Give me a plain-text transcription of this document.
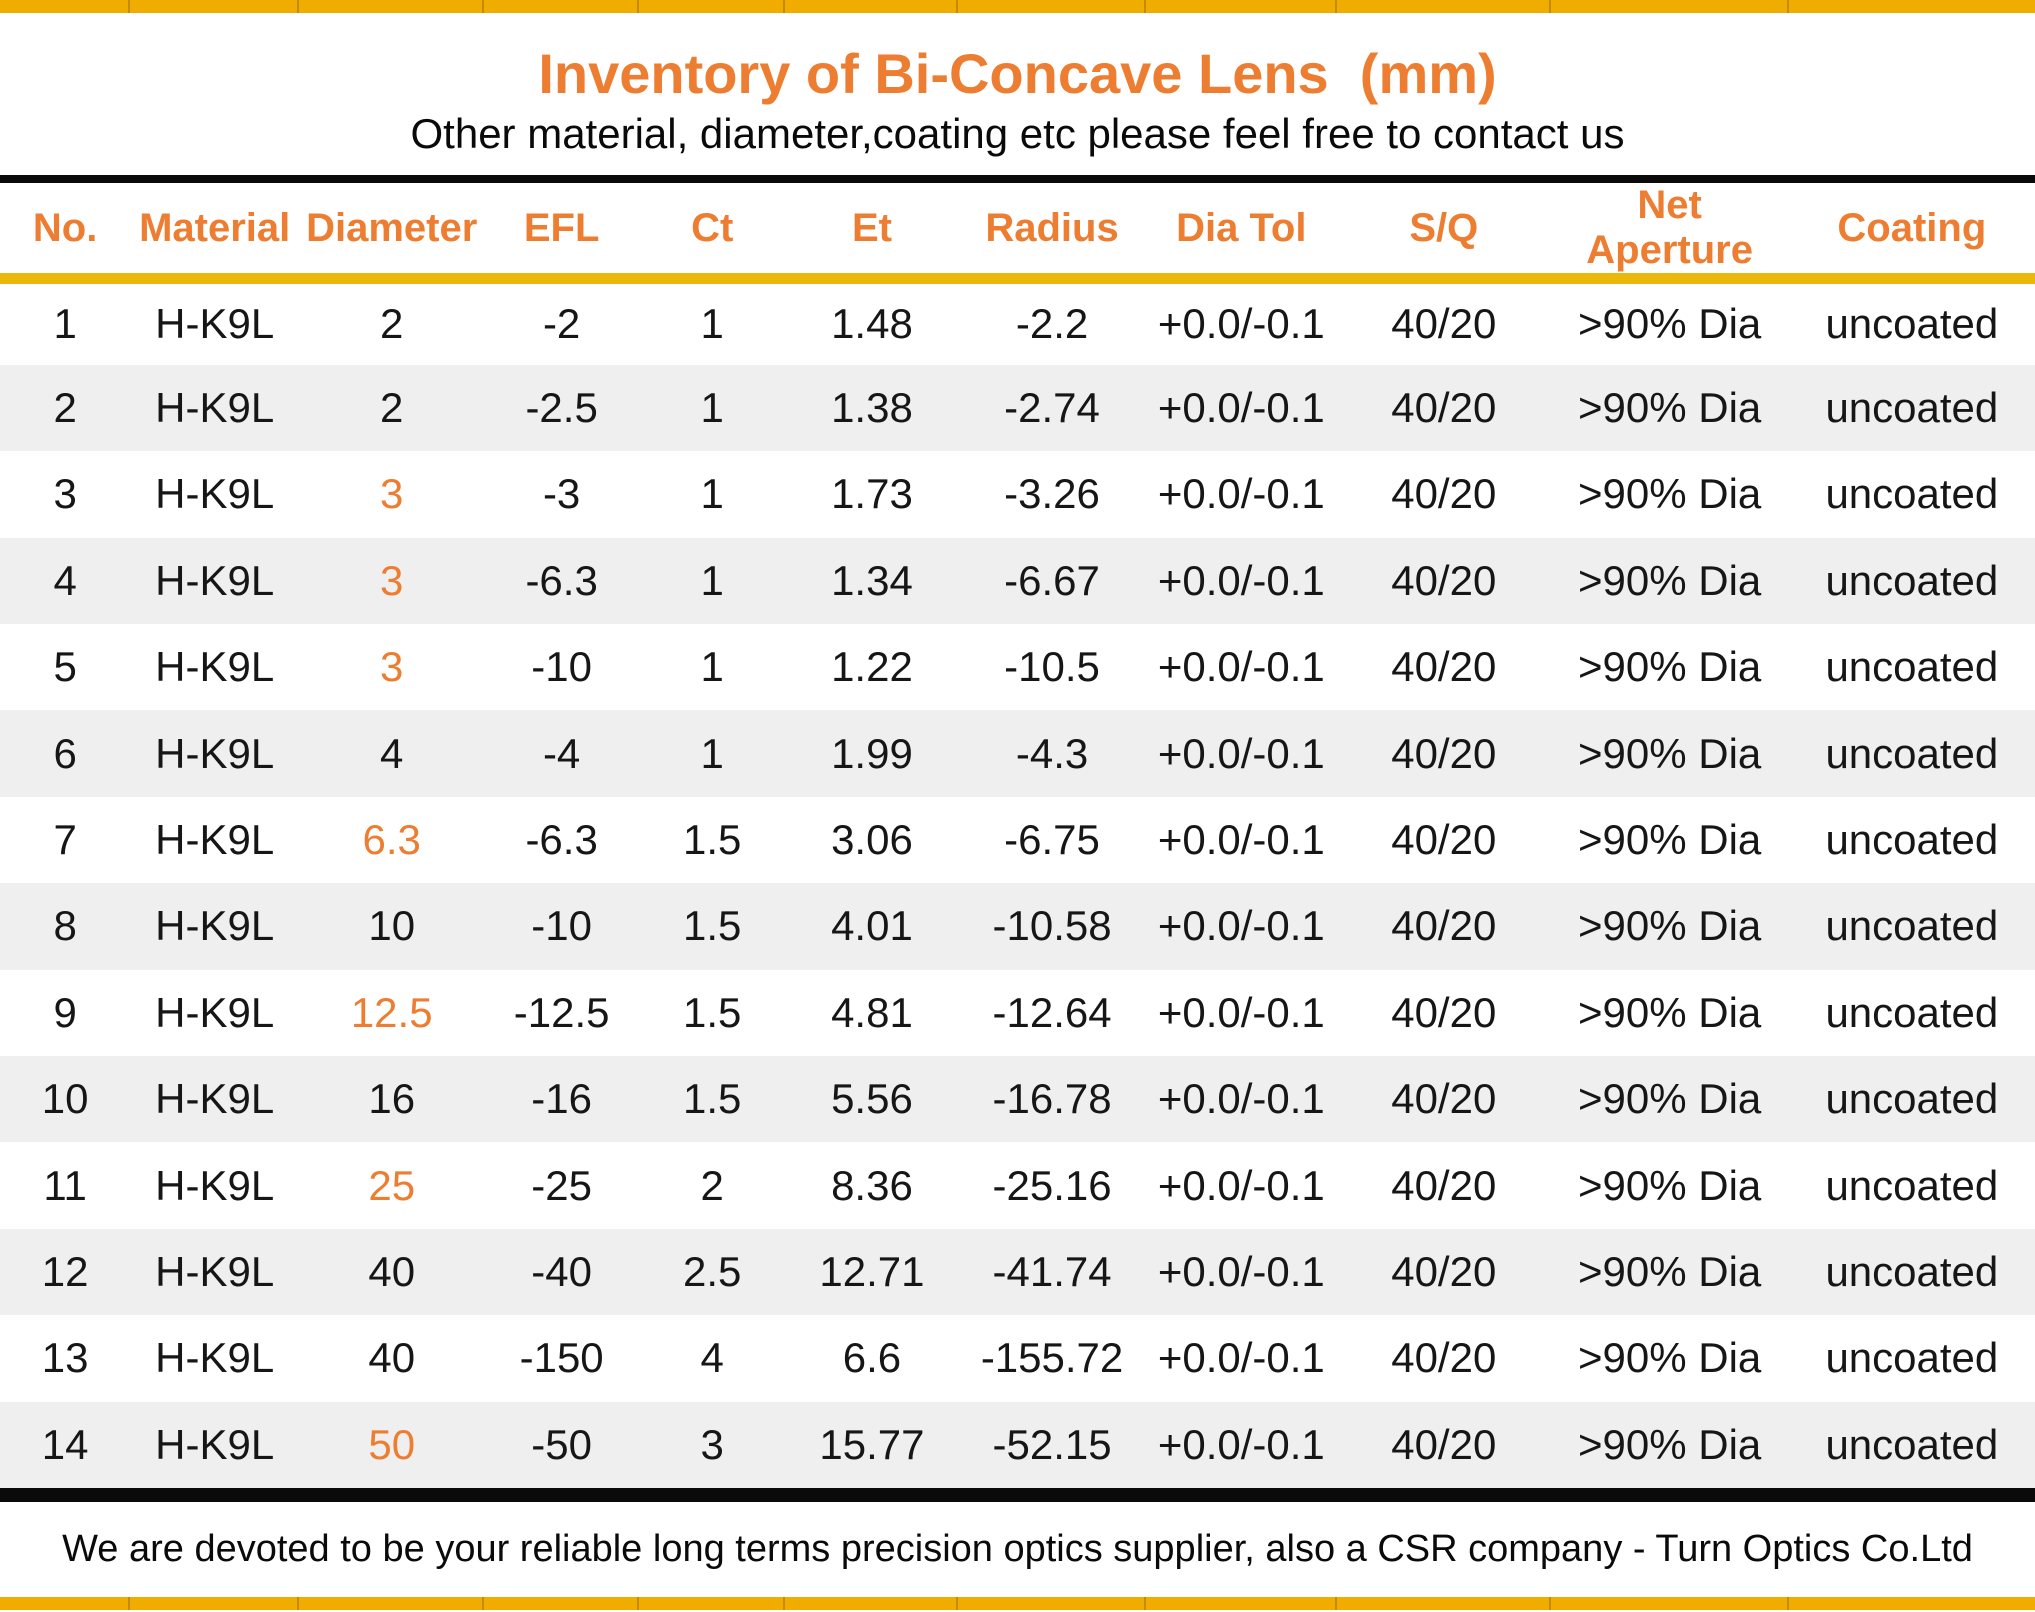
Inventory of Bi-Concave Lens  (mm)
Other material, diameter,coating etc please feel free to contact us
No.	Material	Diameter	EFL	Ct	Et	Radius	Dia Tol	S/Q	Net Aperture	Coating
1	H-K9L	2	-2	1	1.48	-2.2	+0.0/-0.1	40/20	>90% Dia	uncoated
2	H-K9L	2	-2.5	1	1.38	-2.74	+0.0/-0.1	40/20	>90% Dia	uncoated
3	H-K9L	3	-3	1	1.73	-3.26	+0.0/-0.1	40/20	>90% Dia	uncoated
4	H-K9L	3	-6.3	1	1.34	-6.67	+0.0/-0.1	40/20	>90% Dia	uncoated
5	H-K9L	3	-10	1	1.22	-10.5	+0.0/-0.1	40/20	>90% Dia	uncoated
6	H-K9L	4	-4	1	1.99	-4.3	+0.0/-0.1	40/20	>90% Dia	uncoated
7	H-K9L	6.3	-6.3	1.5	3.06	-6.75	+0.0/-0.1	40/20	>90% Dia	uncoated
8	H-K9L	10	-10	1.5	4.01	-10.58	+0.0/-0.1	40/20	>90% Dia	uncoated
9	H-K9L	12.5	-12.5	1.5	4.81	-12.64	+0.0/-0.1	40/20	>90% Dia	uncoated
10	H-K9L	16	-16	1.5	5.56	-16.78	+0.0/-0.1	40/20	>90% Dia	uncoated
11	H-K9L	25	-25	2	8.36	-25.16	+0.0/-0.1	40/20	>90% Dia	uncoated
12	H-K9L	40	-40	2.5	12.71	-41.74	+0.0/-0.1	40/20	>90% Dia	uncoated
13	H-K9L	40	-150	4	6.6	-155.72	+0.0/-0.1	40/20	>90% Dia	uncoated
14	H-K9L	50	-50	3	15.77	-52.15	+0.0/-0.1	40/20	>90% Dia	uncoated
We are devoted to be your reliable long terms precision optics supplier, also a CSR company - Turn Optics Co.Ltd
